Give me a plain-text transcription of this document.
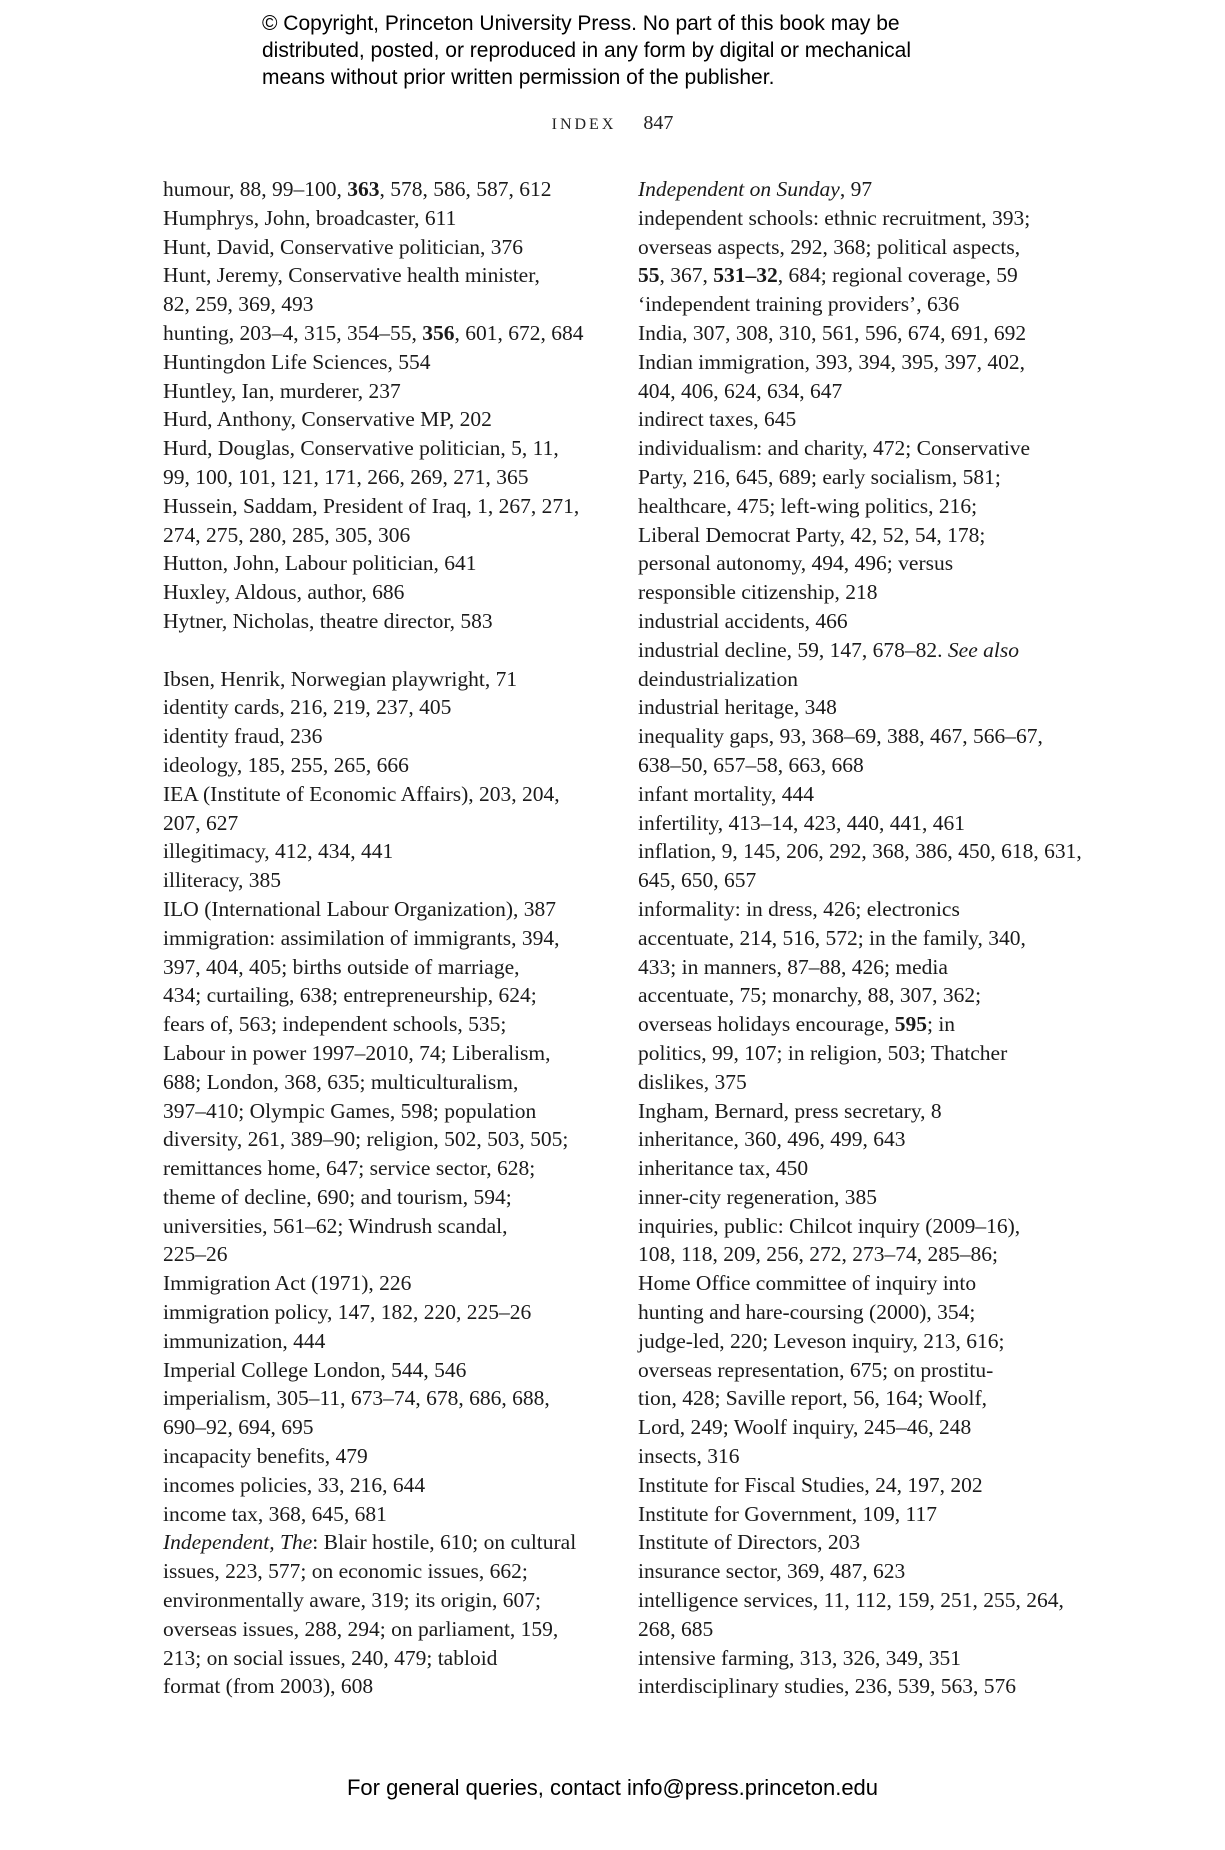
© Copyright, Princeton University Press. No part of this book may be
distributed, posted, or reproduced in any form by digital or mechanical
means without prior written permission of the publisher.
INDEX 847
humour, 88, 99–100, 363, 578, 586, 587, 612
Humphrys, John, broadcaster, 611
Hunt, David, Conservative politician, 376
Hunt, Jeremy, Conservative health minister,
82, 259, 369, 493
hunting, 203–4, 315, 354–55, 356, 601, 672, 684
Huntingdon Life Sciences, 554
Huntley, Ian, murderer, 237
Hurd, Anthony, Conservative MP, 202
Hurd, Douglas, Conservative politician, 5, 11,
99, 100, 101, 121, 171, 266, 269, 271, 365
Hussein, Saddam, President of Iraq, 1, 267, 271,
274, 275, 280, 285, 305, 306
Hutton, John, Labour politician, 641
Huxley, Aldous, author, 686
Hytner, Nicholas, theatre director, 583
Ibsen, Henrik, Norwegian playwright, 71
identity cards, 216, 219, 237, 405
identity fraud, 236
ideology, 185, 255, 265, 666
IEA (Institute of Economic Affairs), 203, 204,
207, 627
illegitimacy, 412, 434, 441
illiteracy, 385
ILO (International Labour Organization), 387
immigration: assimilation of immigrants, 394,
397, 404, 405; births outside of marriage,
434; curtailing, 638; entrepreneurship, 624;
fears of, 563; independent schools, 535;
Labour in power 1997–2010, 74; Liberalism,
688; London, 368, 635; multiculturalism,
397–410; Olympic Games, 598; population
diversity, 261, 389–90; religion, 502, 503, 505;
remittances home, 647; service sector, 628;
theme of decline, 690; and tourism, 594;
universities, 561–62; Windrush scandal,
225–26
Immigration Act (1971), 226
immigration policy, 147, 182, 220, 225–26
immunization, 444
Imperial College London, 544, 546
imperialism, 305–11, 673–74, 678, 686, 688,
690–92, 694, 695
incapacity benefits, 479
incomes policies, 33, 216, 644
income tax, 368, 645, 681
Independent, The: Blair hostile, 610; on cultural
issues, 223, 577; on economic issues, 662;
environmentally aware, 319; its origin, 607;
overseas issues, 288, 294; on parliament, 159,
213; on social issues, 240, 479; tabloid
format (from 2003), 608
Independent on Sunday, 97
independent schools: ethnic recruitment, 393;
overseas aspects, 292, 368; political aspects,
55, 367, 531–32, 684; regional coverage, 59
‘independent training providers’, 636
India, 307, 308, 310, 561, 596, 674, 691, 692
Indian immigration, 393, 394, 395, 397, 402,
404, 406, 624, 634, 647
indirect taxes, 645
individualism: and charity, 472; Conservative
Party, 216, 645, 689; early socialism, 581;
healthcare, 475; left-wing politics, 216;
Liberal Democrat Party, 42, 52, 54, 178;
personal autonomy, 494, 496; versus
responsible citizenship, 218
industrial accidents, 466
industrial decline, 59, 147, 678–82. See also
deindustrialization
industrial heritage, 348
inequality gaps, 93, 368–69, 388, 467, 566–67,
638–50, 657–58, 663, 668
infant mortality, 444
infertility, 413–14, 423, 440, 441, 461
inflation, 9, 145, 206, 292, 368, 386, 450, 618, 631,
645, 650, 657
informality: in dress, 426; electronics
accentuate, 214, 516, 572; in the family, 340,
433; in manners, 87–88, 426; media
accentuate, 75; monarchy, 88, 307, 362;
overseas holidays encourage, 595; in
politics, 99, 107; in religion, 503; Thatcher
dislikes, 375
Ingham, Bernard, press secretary, 8
inheritance, 360, 496, 499, 643
inheritance tax, 450
inner-city regeneration, 385
inquiries, public: Chilcot inquiry (2009–16),
108, 118, 209, 256, 272, 273–74, 285–86;
Home Office committee of inquiry into
hunting and hare-coursing (2000), 354;
judge-led, 220; Leveson inquiry, 213, 616;
overseas representation, 675; on prostitu-
tion, 428; Saville report, 56, 164; Woolf,
Lord, 249; Woolf inquiry, 245–46, 248
insects, 316
Institute for Fiscal Studies, 24, 197, 202
Institute for Government, 109, 117
Institute of Directors, 203
insurance sector, 369, 487, 623
intelligence services, 11, 112, 159, 251, 255, 264,
268, 685
intensive farming, 313, 326, 349, 351
interdisciplinary studies, 236, 539, 563, 576
For general queries, contact info@press.princeton.edu
